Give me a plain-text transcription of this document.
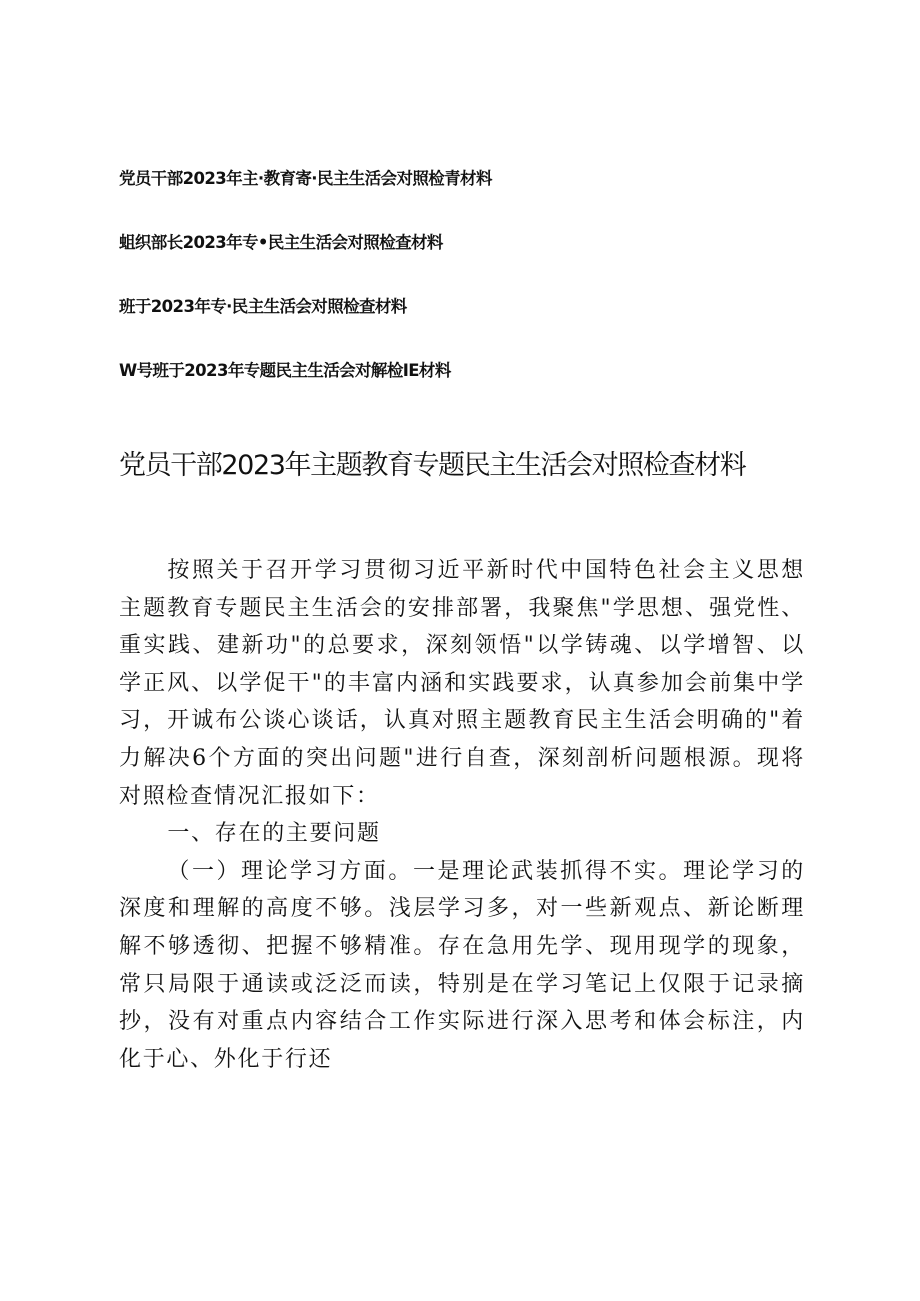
党员干部2023年主·教育寄·民主生活会对照检青材料
蛆织部长2023年专•民主生活会对照检查材料
班于2023年专·民主生活会对照检查材料
W号班于2023年专题民主生活会对解检IE材料
党员干部2023年主题教育专题民主生活会对照检查材料

按照关于召开学习贯彻习近平新时代中国特色社会主义思想主题教育专题民主生活会的安排部署，我聚焦"学思想、强党性、重实践、建新功"的总要求，深刻领悟"以学铸魂、以学增智、以学正风、以学促干"的丰富内涵和实践要求，认真参加会前集中学习，开诚布公谈心谈话，认真对照主题教育民主生活会明确的"着力解决6个方面的突出问题"进行自查，深刻剖析问题根源。现将对照检查情况汇报如下：

一、存在的主要问题

（一）理论学习方面。一是理论武装抓得不实。理论学习的深度和理解的高度不够。浅层学习多，对一些新观点、新论断理解不够透彻、把握不够精准。存在急用先学、现用现学的现象，常只局限于通读或泛泛而读，特别是在学习笔记上仅限于记录摘抄，没有对重点内容结合工作实际进行深入思考和体会标注，内化于心、外化于行还
